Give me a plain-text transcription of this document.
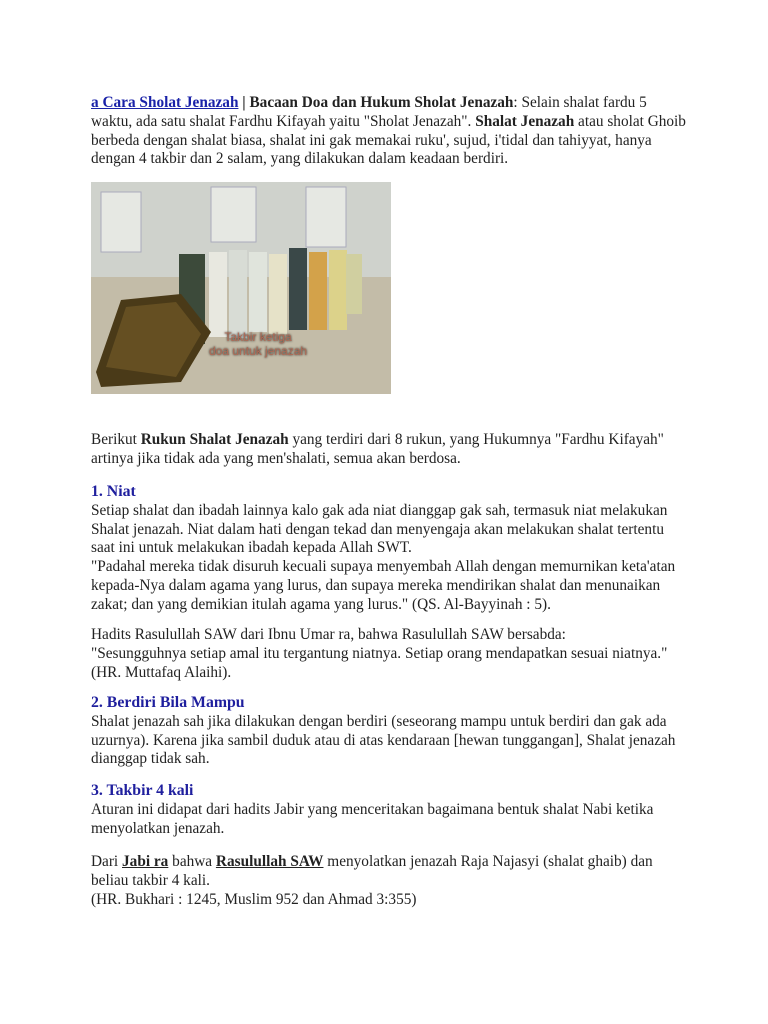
a Cara Sholat Jenazah | Bacaan Doa dan Hukum Sholat Jenazah: Selain shalat fardu 5
waktu, ada satu shalat Fardhu Kifayah yaitu "Sholat Jenazah". Shalat Jenazah atau sholat Ghoib
berbeda dengan shalat biasa, shalat ini gak memakai ruku', sujud, i'tidal dan tahiyyat, hanya
dengan 4 takbir dan 2 salam, yang dilakukan dalam keadaan berdiri.
Takbir ketiga
doa untuk jenazah
Berikut Rukun Shalat Jenazah yang terdiri dari 8 rukun, yang Hukumnya "Fardhu Kifayah"
artinya jika tidak ada yang men'shalati, semua akan berdosa.
1. Niat
Setiap shalat dan ibadah lainnya kalo gak ada niat dianggap gak sah, termasuk niat melakukan
Shalat jenazah. Niat dalam hati dengan tekad dan menyengaja akan melakukan shalat tertentu
saat ini untuk melakukan ibadah kepada Allah SWT.
"Padahal mereka tidak disuruh kecuali supaya menyembah Allah dengan memurnikan keta'atan
kepada-Nya dalam agama yang lurus, dan supaya mereka mendirikan shalat dan menunaikan
zakat; dan yang demikian itulah agama yang lurus." (QS. Al-Bayyinah : 5).
Hadits Rasulullah SAW dari Ibnu Umar ra, bahwa Rasulullah SAW bersabda:
"Sesungguhnya setiap amal itu tergantung niatnya. Setiap orang mendapatkan sesuai niatnya."
(HR. Muttafaq Alaihi).
2. Berdiri Bila Mampu
Shalat jenazah sah jika dilakukan dengan berdiri (seseorang mampu untuk berdiri dan gak ada
uzurnya). Karena jika sambil duduk atau di atas kendaraan [hewan tunggangan], Shalat jenazah
dianggap tidak sah.
3. Takbir 4 kali
Aturan ini didapat dari hadits Jabir yang menceritakan bagaimana bentuk shalat Nabi ketika
menyolatkan jenazah.
Dari Jabi ra bahwa Rasulullah SAW menyolatkan jenazah Raja Najasyi (shalat ghaib) dan
beliau takbir 4 kali.
(HR. Bukhari : 1245, Muslim 952 dan Ahmad 3:355)
